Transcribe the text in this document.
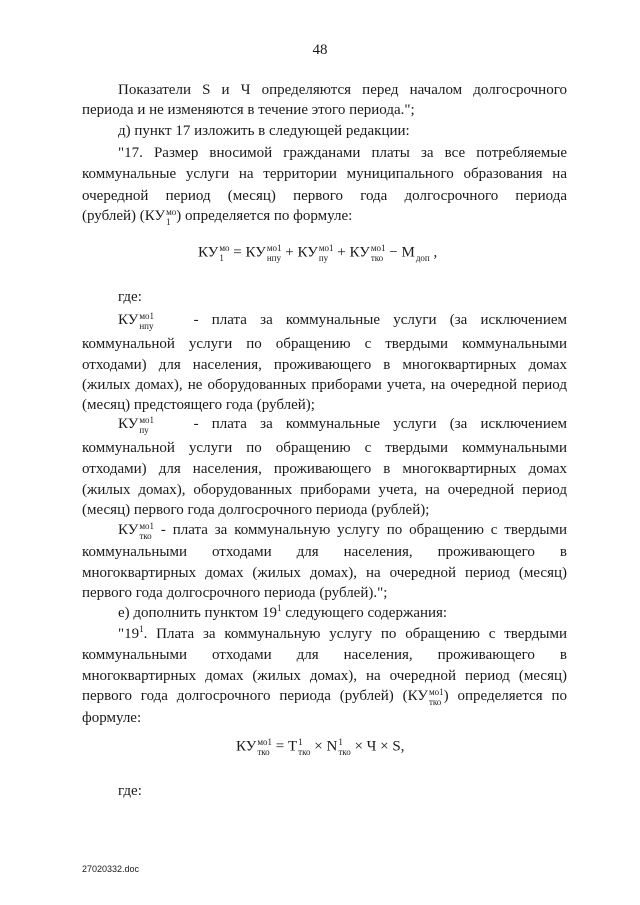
48
Показатели S и Ч определяются перед началом долгосрочного
периода и не изменяются в течение этого периода.";
д) пункт 17 изложить в следующей редакции:
"17. Размер вносимой гражданами платы за все потребляемые
коммунальные услуги на территории муниципального образования на
очередной период (месяц) первого года долгосрочного периода
(рублей) (КУ мо
1 ) определяется по формуле:
КУ мо
1 = КУ мо1
нпу + КУ мо1
пу + КУ мо1
тко − М
доп ,
где:
КУ мо1
нпу	- плата за коммунальные услуги (за исключением
коммунальной услуги по обращению с твердыми коммунальными
отходами) для населения, проживающего в многоквартирных домах
(жилых домах), не оборудованных приборами учета, на очередной период
(месяц) предстоящего года (рублей);
КУ мо1
пу	- плата за коммунальные услуги (за исключением
коммунальной услуги по обращению с твердыми коммунальными
отходами) для населения, проживающего в многоквартирных домах
(жилых домах), оборудованных приборами учета, на очередной период
(месяц) первого года долгосрочного периода (рублей);
КУ мо1
тко - плата за коммунальную услугу по обращению с твердыми
коммунальными отходами для населения, проживающего в
многоквартирных домах (жилых домах), на очередной период (месяц)
первого года долгосрочного периода (рублей).";
е) дополнить пунктом $19^1$ следующего содержания:
"$19^1$. Плата за коммунальную услугу по обращению с твердыми
коммунальными отходами для населения, проживающего в
многоквартирных домах (жилых домах), на очередной период (месяц)
первого года долгосрочного периода (рублей) (КУ мо1
тко ) определяется по
формуле:
КУ мо1
тко = Т 1
тко × N 1
тко × Ч × S,
где:
27020332.doc
